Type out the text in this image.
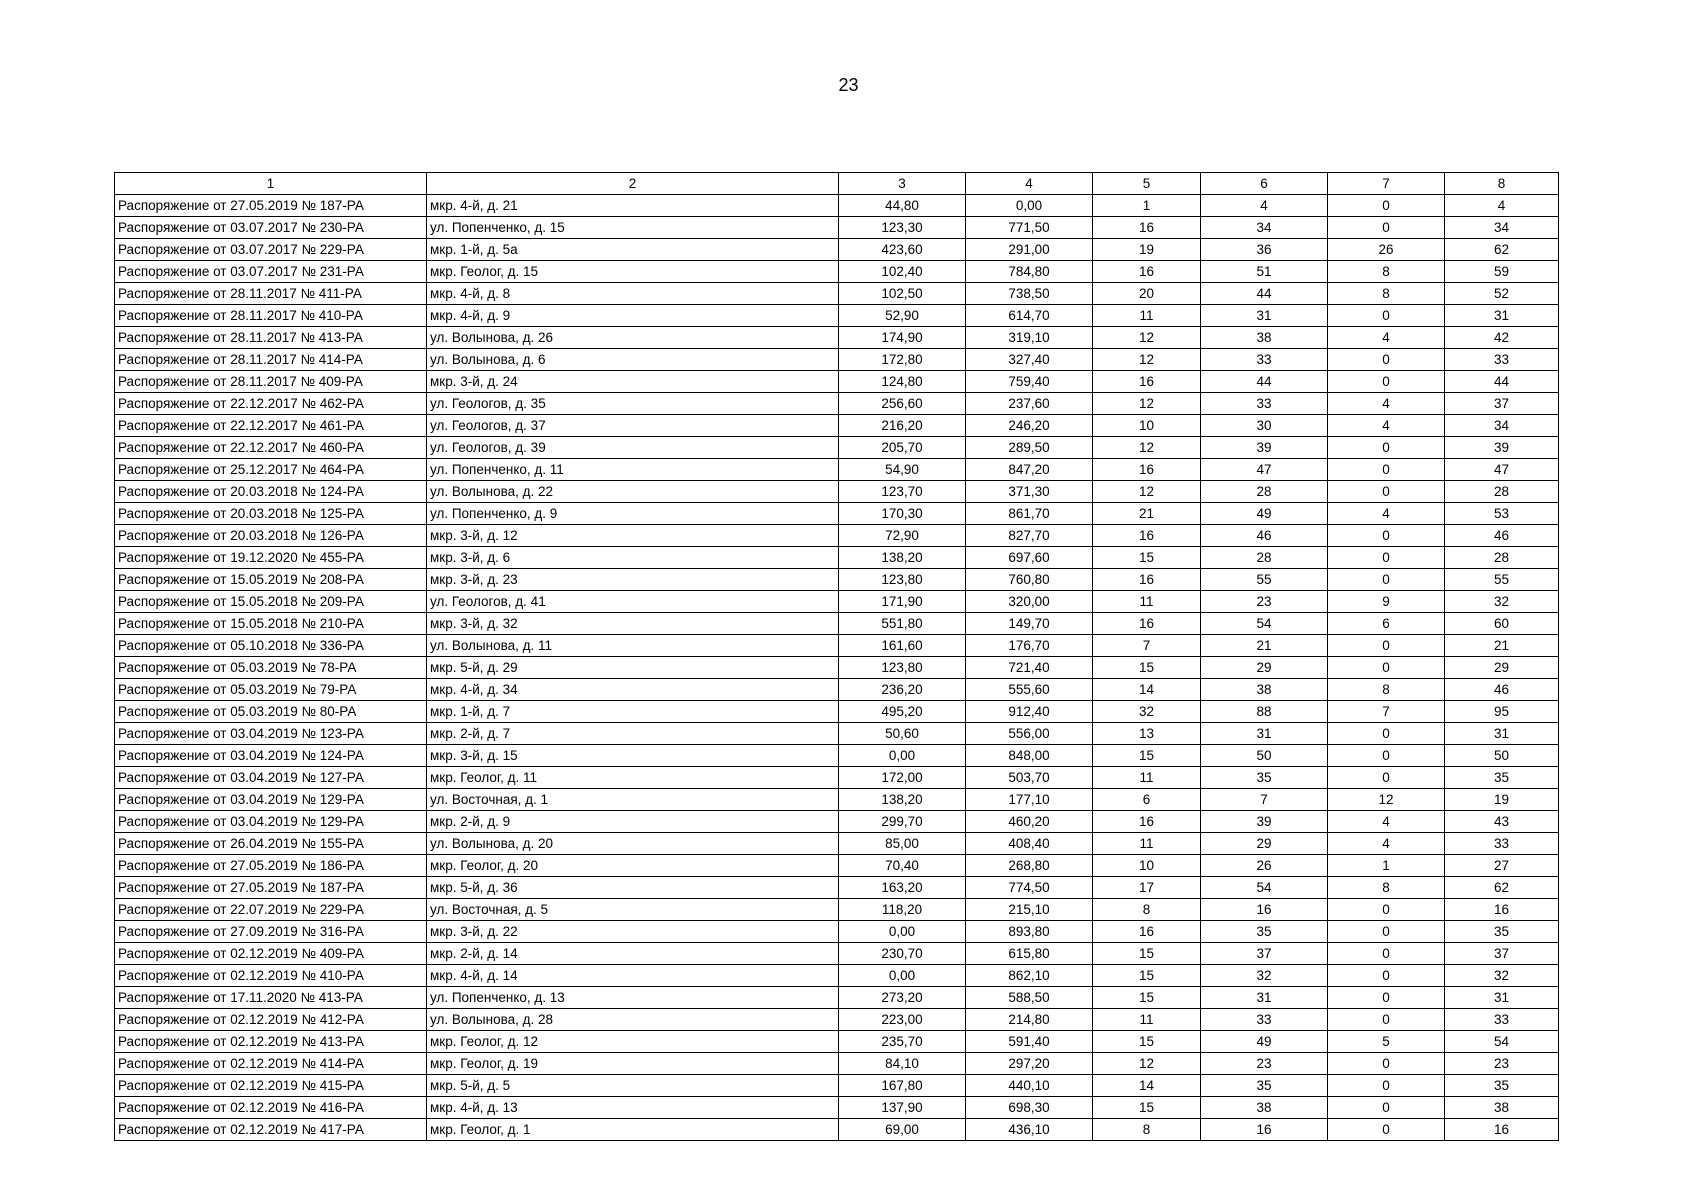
23
1	2	3	4	5	6	7	8
Распоряжение от 27.05.2019 № 187-РА	мкр. 4-й, д. 21	44,80	0,00	1	4	0	4
Распоряжение от 03.07.2017 № 230-РА	ул. Попенченко, д. 15	123,30	771,50	16	34	0	34
Распоряжение от 03.07.2017 № 229-РА	мкр. 1-й, д. 5а	423,60	291,00	19	36	26	62
Распоряжение от 03.07.2017 № 231-РА	мкр. Геолог, д. 15	102,40	784,80	16	51	8	59
Распоряжение от 28.11.2017 № 411-РА	мкр. 4-й, д. 8	102,50	738,50	20	44	8	52
Распоряжение от 28.11.2017 № 410-РА	мкр. 4-й, д. 9	52,90	614,70	11	31	0	31
Распоряжение от 28.11.2017 № 413-РА	ул. Волынова, д. 26	174,90	319,10	12	38	4	42
Распоряжение от 28.11.2017 № 414-РА	ул. Волынова, д. 6	172,80	327,40	12	33	0	33
Распоряжение от 28.11.2017 № 409-РА	мкр. 3-й, д. 24	124,80	759,40	16	44	0	44
Распоряжение от 22.12.2017 № 462-РА	ул. Геологов, д. 35	256,60	237,60	12	33	4	37
Распоряжение от 22.12.2017 № 461-РА	ул. Геологов, д. 37	216,20	246,20	10	30	4	34
Распоряжение от 22.12.2017 № 460-РА	ул. Геологов, д. 39	205,70	289,50	12	39	0	39
Распоряжение от 25.12.2017 № 464-РА	ул. Попенченко, д. 11	54,90	847,20	16	47	0	47
Распоряжение от 20.03.2018 № 124-РА	ул. Волынова, д. 22	123,70	371,30	12	28	0	28
Распоряжение от 20.03.2018 № 125-РА	ул. Попенченко, д. 9	170,30	861,70	21	49	4	53
Распоряжение от 20.03.2018 № 126-РА	мкр. 3-й, д. 12	72,90	827,70	16	46	0	46
Распоряжение от 19.12.2020 № 455-РА	мкр. 3-й, д. 6	138,20	697,60	15	28	0	28
Распоряжение от 15.05.2019 № 208-РА	мкр. 3-й, д. 23	123,80	760,80	16	55	0	55
Распоряжение от 15.05.2018 № 209-РА	ул. Геологов, д. 41	171,90	320,00	11	23	9	32
Распоряжение от 15.05.2018 № 210-РА	мкр. 3-й, д. 32	551,80	149,70	16	54	6	60
Распоряжение от 05.10.2018 № 336-РА	ул. Волынова, д. 11	161,60	176,70	7	21	0	21
Распоряжение от 05.03.2019 № 78-РА	мкр. 5-й, д. 29	123,80	721,40	15	29	0	29
Распоряжение от 05.03.2019 № 79-РА	мкр. 4-й, д. 34	236,20	555,60	14	38	8	46
Распоряжение от 05.03.2019 № 80-РА	мкр. 1-й, д. 7	495,20	912,40	32	88	7	95
Распоряжение от 03.04.2019 № 123-РА	мкр. 2-й, д. 7	50,60	556,00	13	31	0	31
Распоряжение от 03.04.2019 № 124-РА	мкр. 3-й, д. 15	0,00	848,00	15	50	0	50
Распоряжение от 03.04.2019 № 127-РА	мкр. Геолог, д. 11	172,00	503,70	11	35	0	35
Распоряжение от 03.04.2019 № 129-РА	ул. Восточная, д. 1	138,20	177,10	6	7	12	19
Распоряжение от 03.04.2019 № 129-РА	мкр. 2-й, д. 9	299,70	460,20	16	39	4	43
Распоряжение от 26.04.2019 № 155-РА	ул. Волынова, д. 20	85,00	408,40	11	29	4	33
Распоряжение от 27.05.2019 № 186-РА	мкр. Геолог, д. 20	70,40	268,80	10	26	1	27
Распоряжение от 27.05.2019 № 187-РА	мкр. 5-й, д. 36	163,20	774,50	17	54	8	62
Распоряжение от 22.07.2019 № 229-РА	ул. Восточная, д. 5	118,20	215,10	8	16	0	16
Распоряжение от 27.09.2019 № 316-РА	мкр. 3-й, д. 22	0,00	893,80	16	35	0	35
Распоряжение от 02.12.2019 № 409-РА	мкр. 2-й, д. 14	230,70	615,80	15	37	0	37
Распоряжение от 02.12.2019 № 410-РА	мкр. 4-й, д. 14	0,00	862,10	15	32	0	32
Распоряжение от 17.11.2020 № 413-РА	ул. Попенченко, д. 13	273,20	588,50	15	31	0	31
Распоряжение от 02.12.2019 № 412-РА	ул. Волынова, д. 28	223,00	214,80	11	33	0	33
Распоряжение от 02.12.2019 № 413-РА	мкр. Геолог, д. 12	235,70	591,40	15	49	5	54
Распоряжение от 02.12.2019 № 414-РА	мкр. Геолог, д. 19	84,10	297,20	12	23	0	23
Распоряжение от 02.12.2019 № 415-РА	мкр. 5-й, д. 5	167,80	440,10	14	35	0	35
Распоряжение от 02.12.2019 № 416-РА	мкр. 4-й, д. 13	137,90	698,30	15	38	0	38
Распоряжение от 02.12.2019 № 417-РА	мкр. Геолог, д. 1	69,00	436,10	8	16	0	16
